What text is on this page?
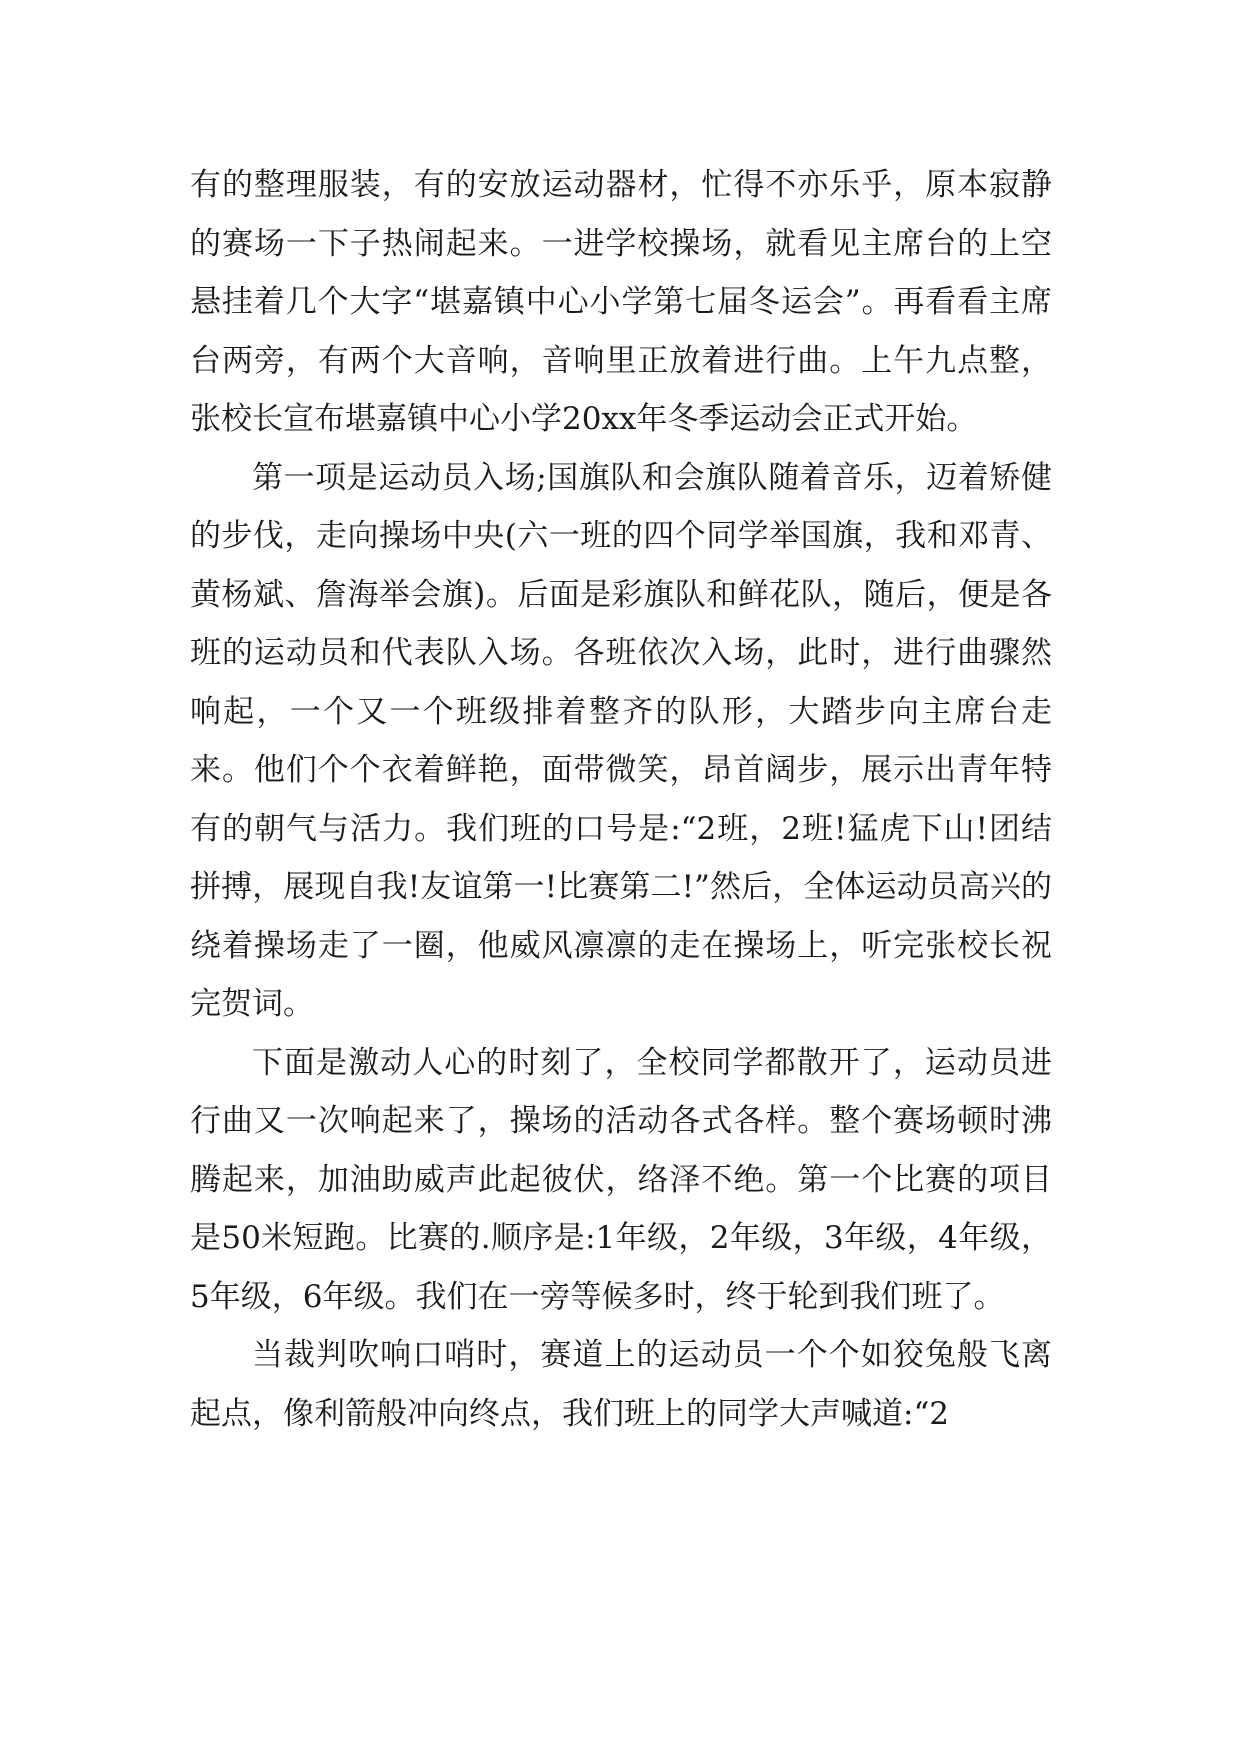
有的整理服装，有的安放运动器材，忙得不亦乐乎，原本寂静的赛场一下子热闹起来。一进学校操场，就看见主席台的上空悬挂着几个大字“堪嘉镇中心小学第七届冬运会”。再看看主席台两旁，有两个大音响，音响里正放着进行曲。上午九点整，张校长宣布堪嘉镇中心小学20xx年冬季运动会正式开始。

第一项是运动员入场;国旗队和会旗队随着音乐，迈着矫健的步伐，走向操场中央(六一班的四个同学举国旗，我和邓青、黄杨斌、詹海举会旗)。后面是彩旗队和鲜花队，随后，便是各班的运动员和代表队入场。各班依次入场，此时，进行曲骤然响起，一个又一个班级排着整齐的队形，大踏步向主席台走来。他们个个衣着鲜艳，面带微笑，昂首阔步，展示出青年特有的朝气与活力。我们班的口号是:“2班，2班!猛虎下山!团结拼搏，展现自我!友谊第一!比赛第二!”然后，全体运动员高兴的绕着操场走了一圈，他威风凛凛的走在操场上，听完张校长祝完贺词。

下面是激动人心的时刻了，全校同学都散开了，运动员进行曲又一次响起来了，操场的活动各式各样。整个赛场顿时沸腾起来，加油助威声此起彼伏，络泽不绝。第一个比赛的项目是50米短跑。比赛的.顺序是:1年级，2年级，3年级，4年级，5年级，6年级。我们在一旁等候多时，终于轮到我们班了。

当裁判吹响口哨时，赛道上的运动员一个个如狡兔般飞离起点，像利箭般冲向终点，我们班上的同学大声喊道:“2
